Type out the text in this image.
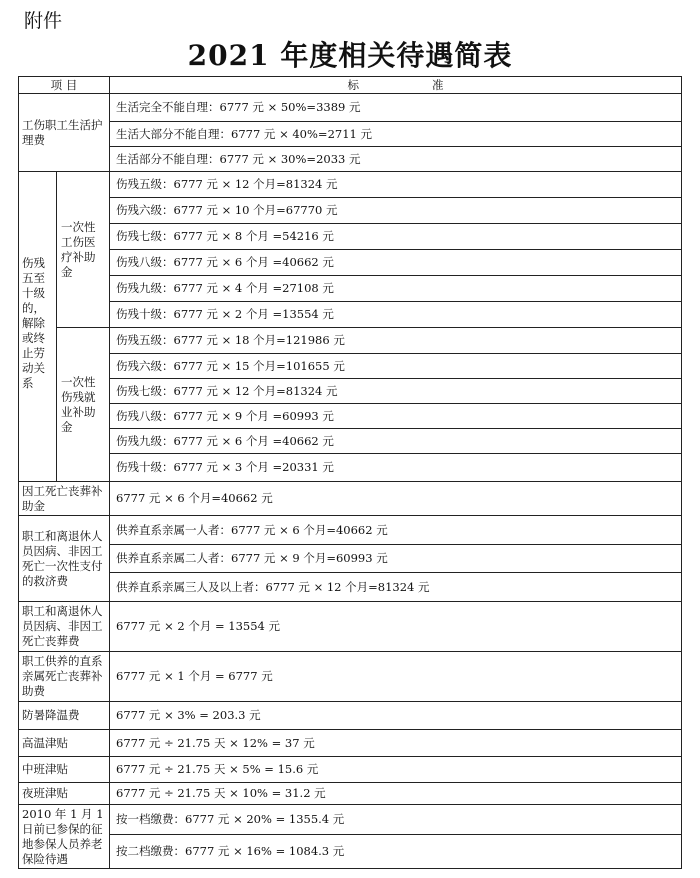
附件
2021 年度相关待遇简表
项 目		标                    准
工伤职工生活护理费		生活完全不能自理：6777 元 × 50%=3389 元
		生活大部分不能自理：6777 元 × 40%=2711 元
		生活部分不能自理：6777 元 × 30%=2033 元
伤残五至十级的，解除或终止劳动关系	一次性工伤医疗补助金	伤残五级：6777 元 × 12 个月=81324 元
		伤残六级：6777 元 × 10 个月=67770 元
		伤残七级：6777 元 × 8 个月 =54216 元
		伤残八级：6777 元 × 6 个月 =40662 元
		伤残九级：6777 元 × 4 个月 =27108 元
		伤残十级：6777 元 × 2 个月 =13554 元
	一次性伤残就业补助金	伤残五级：6777 元 × 18 个月=121986 元
		伤残六级：6777 元 × 15 个月=101655 元
		伤残七级：6777 元 × 12 个月=81324 元
		伤残八级：6777 元 × 9 个月 =60993 元
		伤残九级：6777 元 × 6 个月 =40662 元
		伤残十级：6777 元 × 3 个月 =20331 元
因工死亡丧葬补助金		6777 元 × 6 个月=40662 元
职工和离退休人员因病、非因工死亡一次性支付的救济费		供养直系亲属一人者：6777 元 × 6 个月=40662 元
		供养直系亲属二人者：6777 元 × 9 个月=60993 元
		供养直系亲属三人及以上者：6777 元 × 12 个月=81324 元
职工和离退休人员因病、非因工死亡丧葬费		6777 元 × 2 个月 = 13554 元
职工供养的直系亲属死亡丧葬补助费		6777 元 × 1 个月 = 6777 元
防暑降温费		6777 元 × 3% = 203.3 元
高温津贴		6777 元 ÷ 21.75 天 × 12% = 37 元
中班津贴		6777 元 ÷ 21.75 天 × 5% = 15.6 元
夜班津贴		6777 元 ÷ 21.75 天 × 10% = 31.2 元
2010 年 1 月 1 日前已参保的征地参保人员养老保险待遇		按一档缴费：6777 元 × 20% = 1355.4 元
		按二档缴费：6777 元 × 16% = 1084.3 元
